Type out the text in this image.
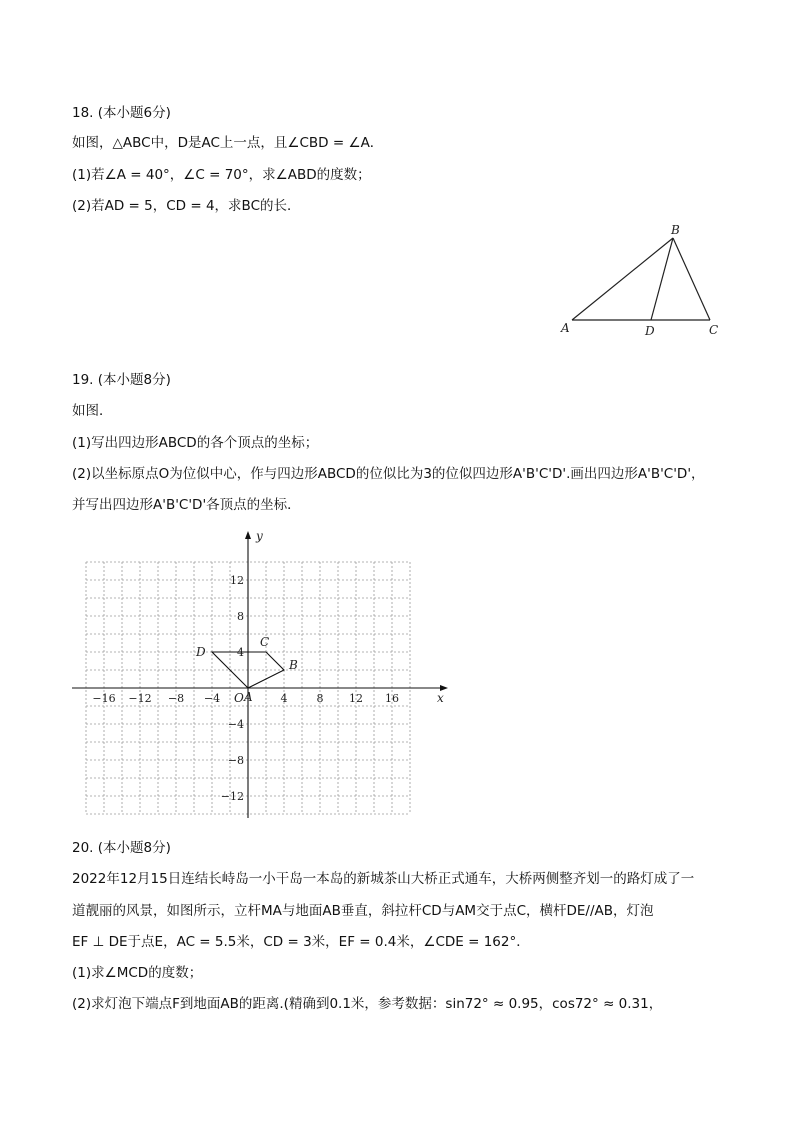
18. (本小题6分)
如图，△ABC中，D是AC上一点，且∠CBD = ∠A．
(1)若∠A = 40°，∠C = 70°，求∠ABD的度数；
(2)若AD = 5，CD = 4，求BC的长．
B
A	D	C
19. (本小题8分)
如图．
(1)写出四边形ABCD的各个顶点的坐标；
(2)以坐标原点O为位似中心，作与四边形ABCD的位似比为3的位似四边形A'B'C'D'.画出四边形A'B'C'D'，
并写出四边形A'B'C'D'各顶点的坐标．
x
y
O
−16 −12 −8 −4	4	8 12 16
12
8
4
−4
−8
−12
A
B
C
D
20. (本小题8分)
2022年12月15日连结长峙岛一小干岛一本岛的新城茶山大桥正式通车，大桥两侧整齐划一的路灯成了一
道靓丽的风景，如图所示，立杆MA与地面AB垂直，斜拉杆CD与AM交于点C，横杆DE//AB，灯泡
EF ⊥ DE于点E，AC = 5.5米，CD = 3米，EF = 0.4米，∠CDE = 162°．
(1)求∠MCD的度数；
(2)求灯泡下端点F到地面AB的距离.(精确到0.1米，参考数据：sin72° ≈ 0.95，cos72° ≈ 0.31，
